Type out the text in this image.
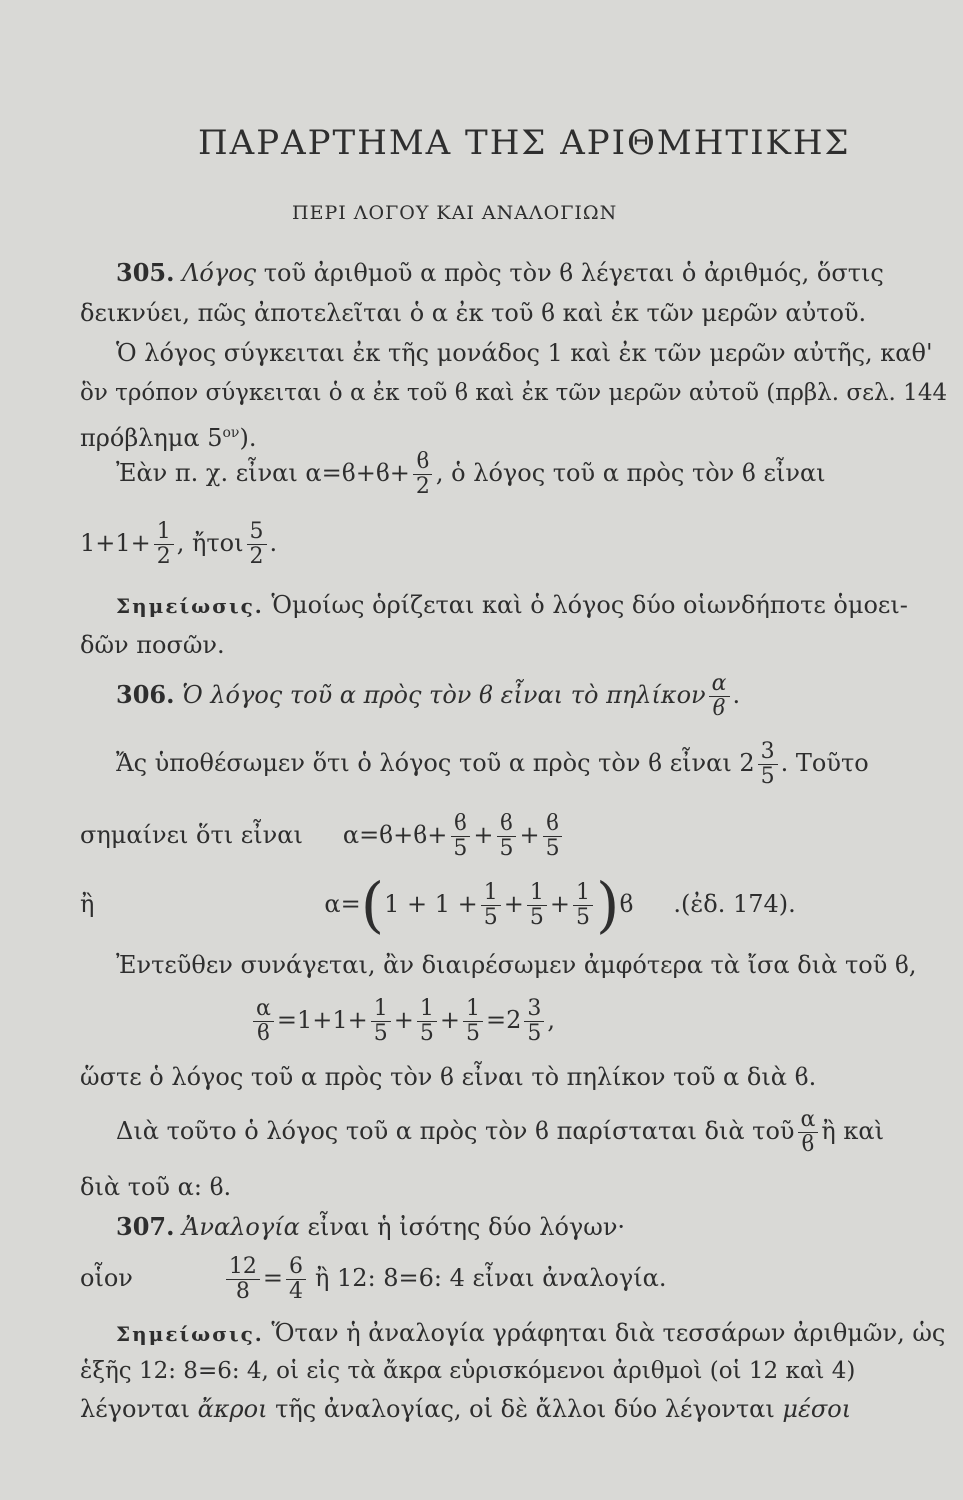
ΠΑΡΑΡΤΗΜΑ ΤΗΣ ΑΡΙΘΜΗΤΙΚΗΣ
ΠΕΡΙ ΛΟΓΟΥ ΚΑΙ ΑΝΑΛΟΓΙΩΝ
305. Λόγος τοῦ ἀριθμοῦ α πρὸς τὸν ϐ λέγεται ὁ ἀριθμός, ὅστις
δεικνύει, πῶς ἀποτελεῖται ὁ α ἐκ τοῦ ϐ καὶ ἐκ τῶν μερῶν αὐτοῦ.
Ὁ λόγος σύγκειται ἐκ τῆς μονάδος 1 καὶ ἐκ τῶν μερῶν αὐτῆς, καθ'
ὃν τρόπον σύγκειται ὁ α ἐκ τοῦ ϐ καὶ ἐκ τῶν μερῶν αὐτοῦ (πρβλ. σελ. 144
πρόβλημα $5^{o\nu}$).
Ἐὰν π. χ. εἶναι $\alpha=ϐ+ϐ+ \frac{ϐ}{2}$ , ὁ λόγος τοῦ α πρὸς τὸν ϐ εἶναι
$1+1+ \frac{1}{2}$ , ἤτοι $\frac{5}{2}$ .
Σημείωσις. Ὁμοίως ὁρίζεται καὶ ὁ λόγος δύο οἱωνδήποτε ὁμοει-
δῶν ποσῶν.
306. Ὁ λόγος τοῦ α πρὸς τὸν ϐ εἶναι τὸ πηλίκον $\frac{\alpha}{ϐ}$ .
Ἄς ὑποθέσωμεν ὅτι ὁ λόγος τοῦ α πρὸς τὸν ϐ εἶναι $2 \frac{3}{5}$ . Τοῦτο
σημαίνει ὅτι εἶναι $\alpha=ϐ+ϐ+ \frac{ϐ}{5} + \frac{ϐ}{5} + \frac{ϐ}{5}$
ἢ	$\alpha=(1 + 1 + \frac{1}{5} + \frac{1}{5} + \frac{1}{5} )ϐ$ .(ἐδ. 174).
Ἐντεῦθεν συνάγεται, ἂν διαιρέσωμεν ἀμφότερα τὰ ἴσα διὰ τοῦ ϐ,
$\frac{\alpha}{ϐ} =1+1+ \frac{1}{5} + \frac{1}{5} + \frac{1}{5} =2 \frac{3}{5}$ ,
ὥστε ὁ λόγος τοῦ α πρὸς τὸν ϐ εἶναι τὸ πηλίκον τοῦ α διὰ ϐ.
Διὰ τοῦτο ὁ λόγος τοῦ α πρὸς τὸν ϐ παρίσταται διὰ τοῦ $\frac{\alpha}{ϐ}$ ἢ καὶ
διὰ τοῦ α: ϐ.
307. Ἀναλογία εἶναι ἡ ἰσότης δύο λόγων·
οἷον	$\frac{12}{8} = \frac{6}{4}$ ἢ 12: 8=6: 4 εἶναι ἀναλογία.
Σημείωσις. Ὅταν ἡ ἀναλογία γράφηται διὰ τεσσάρων ἀριθμῶν, ὡς
ἑξῆς 12: 8=6: 4, οἱ εἰς τὰ ἄκρα εὑρισκόμενοι ἀριθμοὶ (οἱ 12 καὶ 4)
λέγονται ἄκροι τῆς ἀναλογίας, οἱ δὲ ἄλλοι δύο λέγονται μέσοι
